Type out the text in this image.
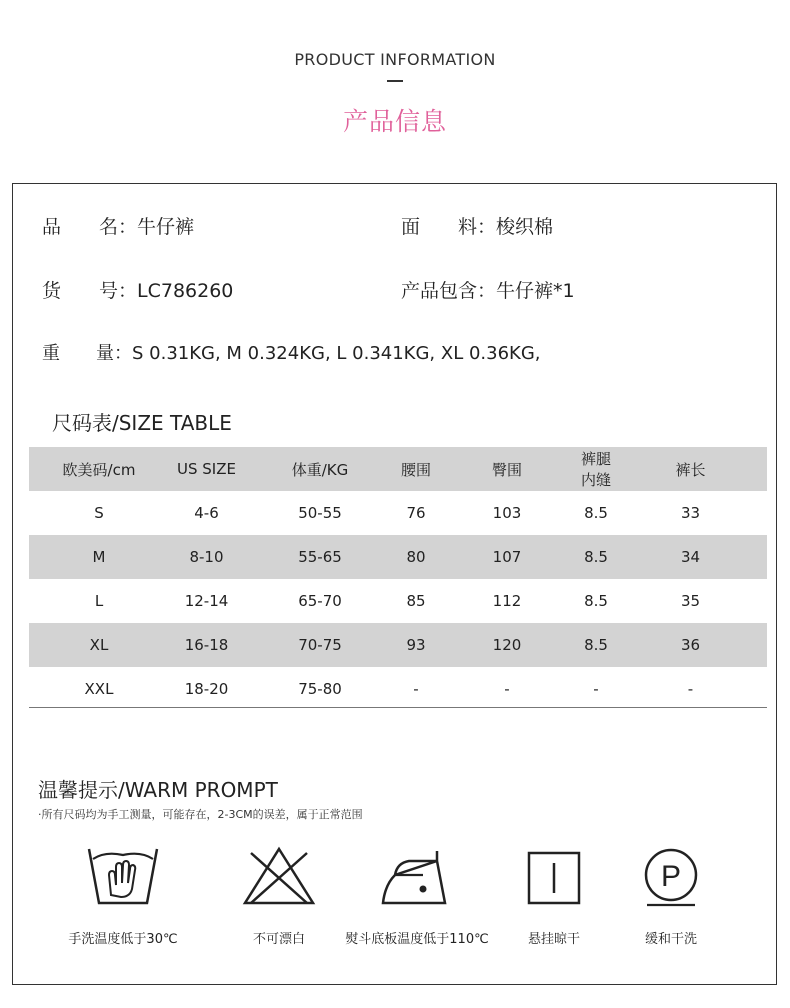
PRODUCT INFORMATION
产品信息
品　　名：牛仔裤	面　　料：梭织棉
货　　号：LC786260	产品包含：牛仔裤*1
重　　量：S 0.31KG, M 0.324KG, L 0.341KG, XL 0.36KG,
尺码表/SIZE TABLE
欧美码/cm	US SIZE	体重/KG	腰围	臀围	裤腿内缝	裤长
S	4-6	50-55	76	103	8.5	33
M	8-10	55-65	80	107	8.5	34
L	12-14	65-70	85	112	8.5	35
XL	16-18	70-75	93	120	8.5	36
XXL	18-20	75-80	-	-	-	-
温馨提示/WARM PROMPT
·所有尺码均为手工测量，可能存在，2-3CM的误差，属于正常范围
手洗温度低于30℃	不可漂白	熨斗底板温度低于110℃	悬挂晾干
P
缓和干洗
